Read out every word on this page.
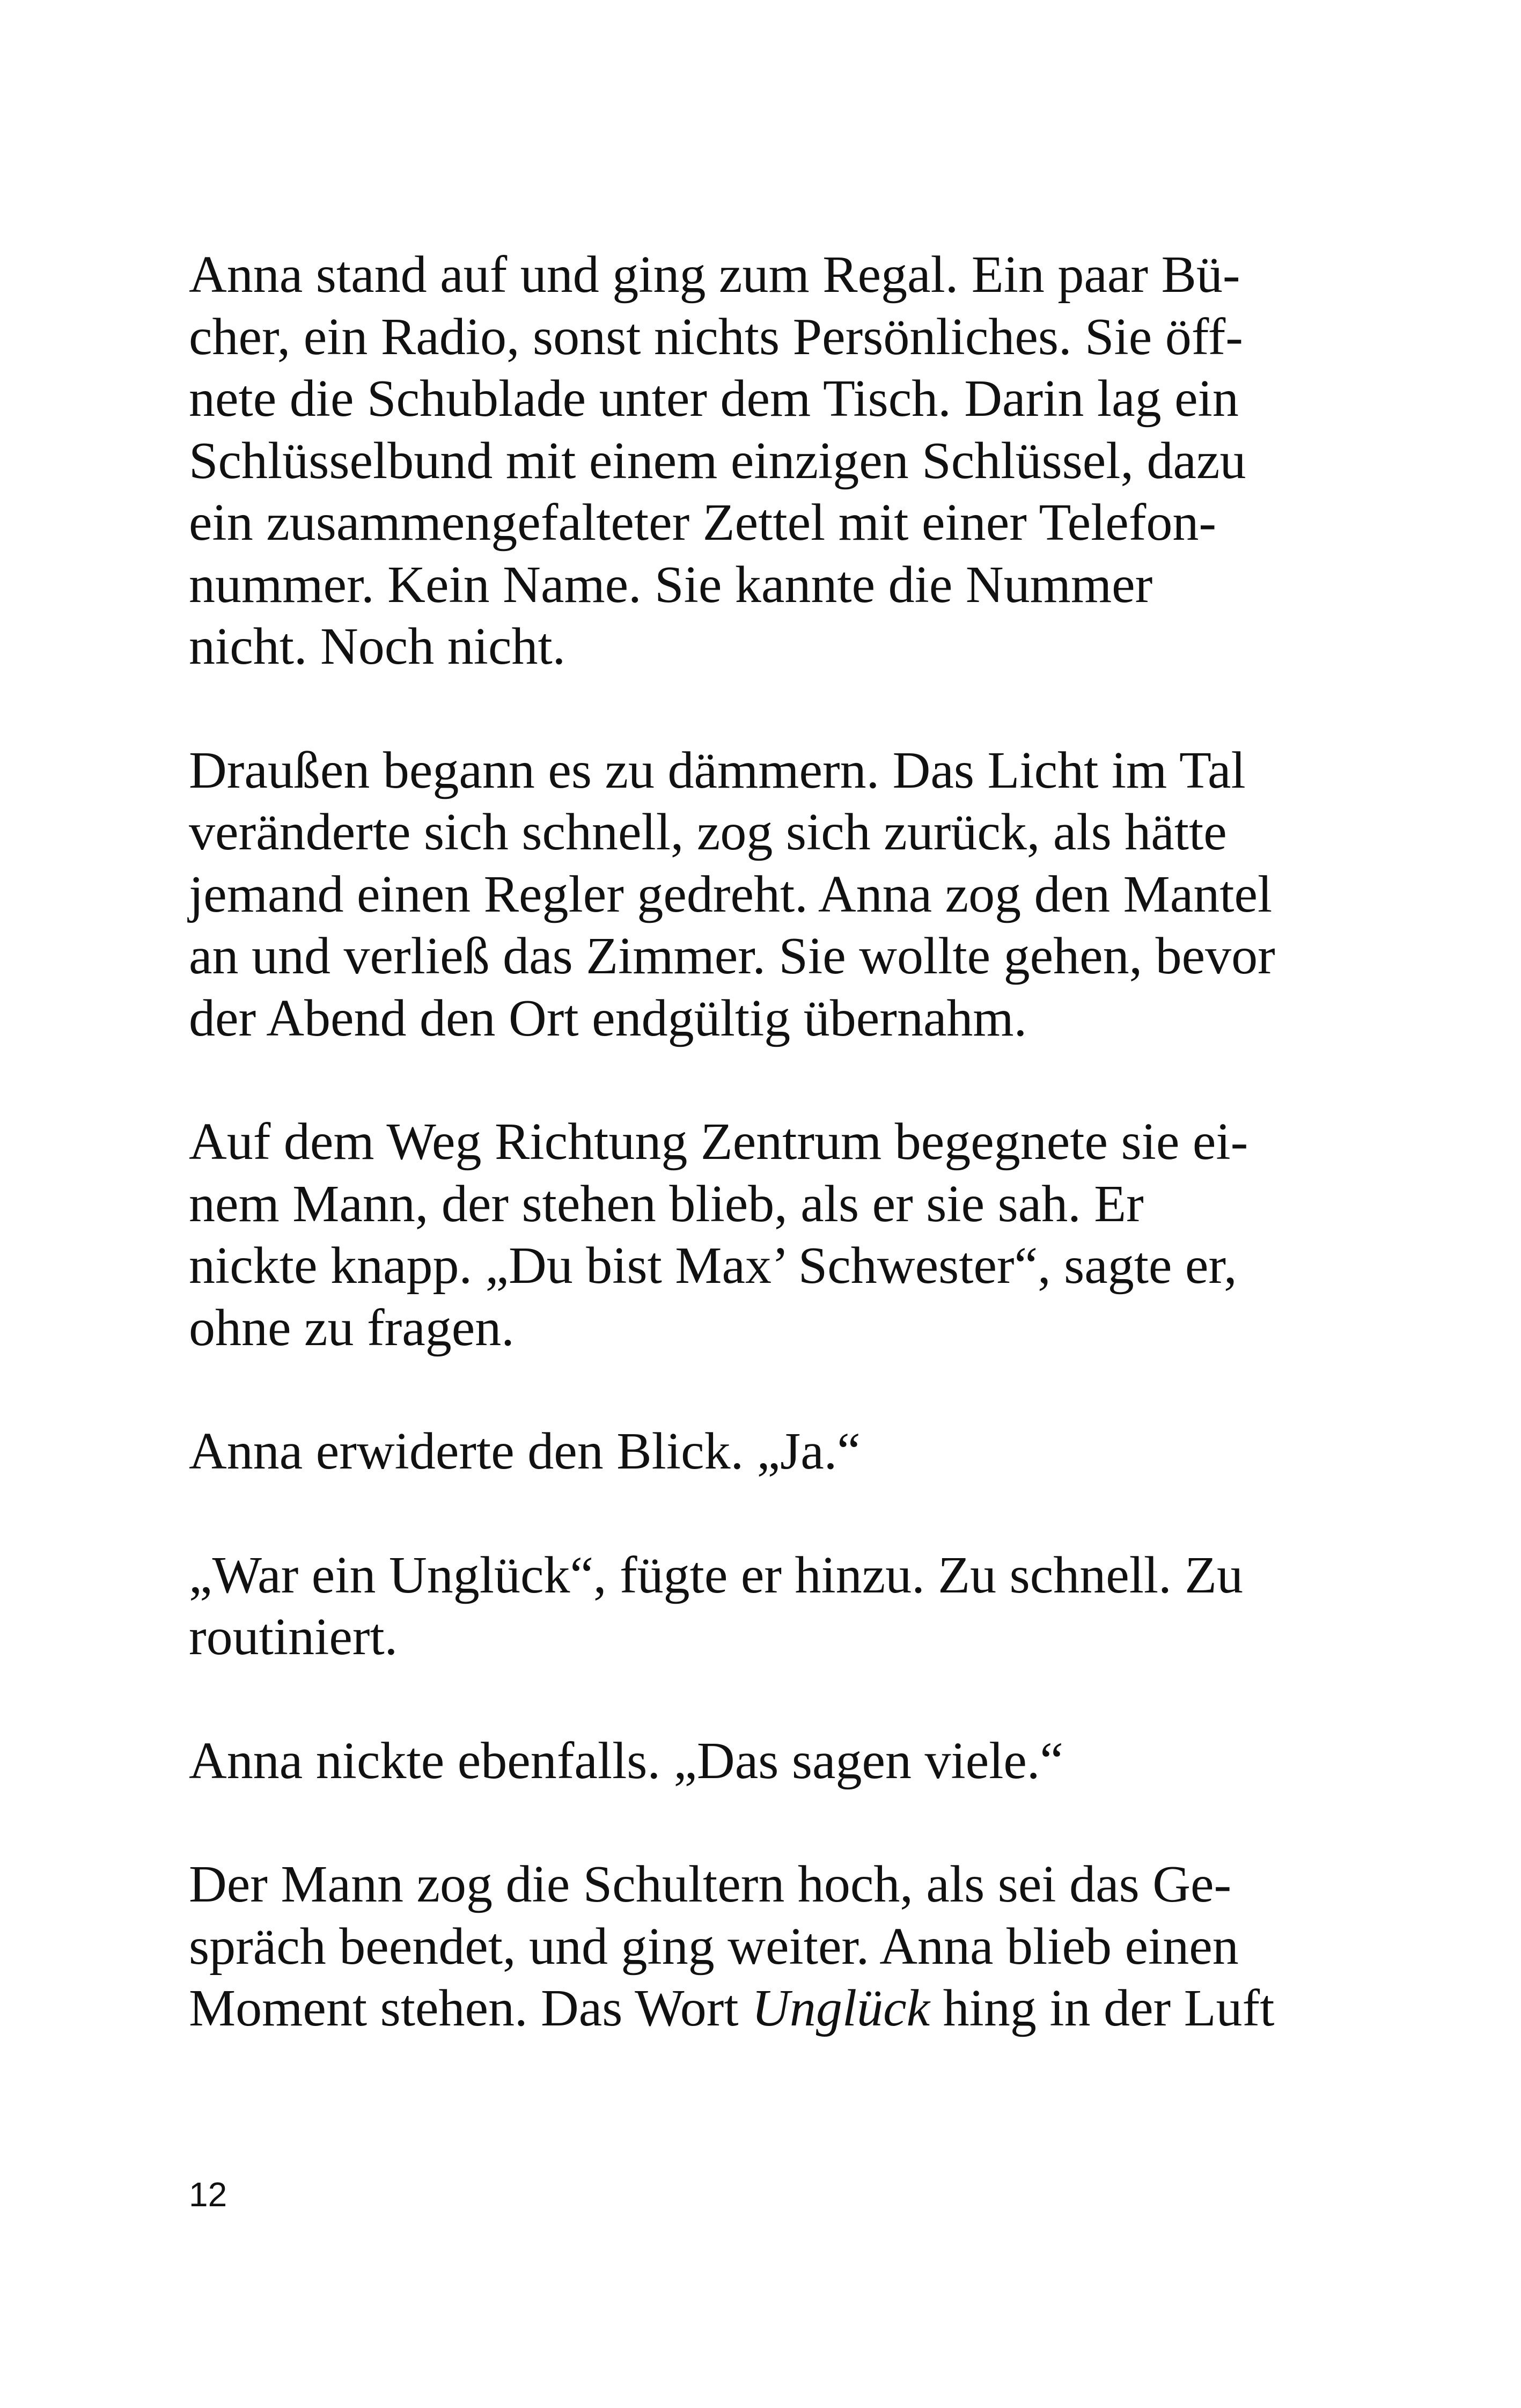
Anna stand auf und ging zum Regal. Ein paar Bü-
cher, ein Radio, sonst nichts Persönliches. Sie öff-
nete die Schublade unter dem Tisch. Darin lag ein
Schlüsselbund mit einem einzigen Schlüssel, dazu
ein zusammengefalteter Zettel mit einer Telefon-
nummer. Kein Name. Sie kannte die Nummer
nicht. Noch nicht.

Draußen begann es zu dämmern. Das Licht im Tal
veränderte sich schnell, zog sich zurück, als hätte
jemand einen Regler gedreht. Anna zog den Mantel
an und verließ das Zimmer. Sie wollte gehen, bevor
der Abend den Ort endgültig übernahm.

Auf dem Weg Richtung Zentrum begegnete sie ei-
nem Mann, der stehen blieb, als er sie sah. Er
nickte knapp. „Du bist Max’ Schwester“, sagte er,
ohne zu fragen.

Anna erwiderte den Blick. „Ja.“

„War ein Unglück“, fügte er hinzu. Zu schnell. Zu
routiniert.

Anna nickte ebenfalls. „Das sagen viele.“

Der Mann zog die Schultern hoch, als sei das Ge-
spräch beendet, und ging weiter. Anna blieb einen
Moment stehen. Das Wort Unglück hing in der Luft

12
